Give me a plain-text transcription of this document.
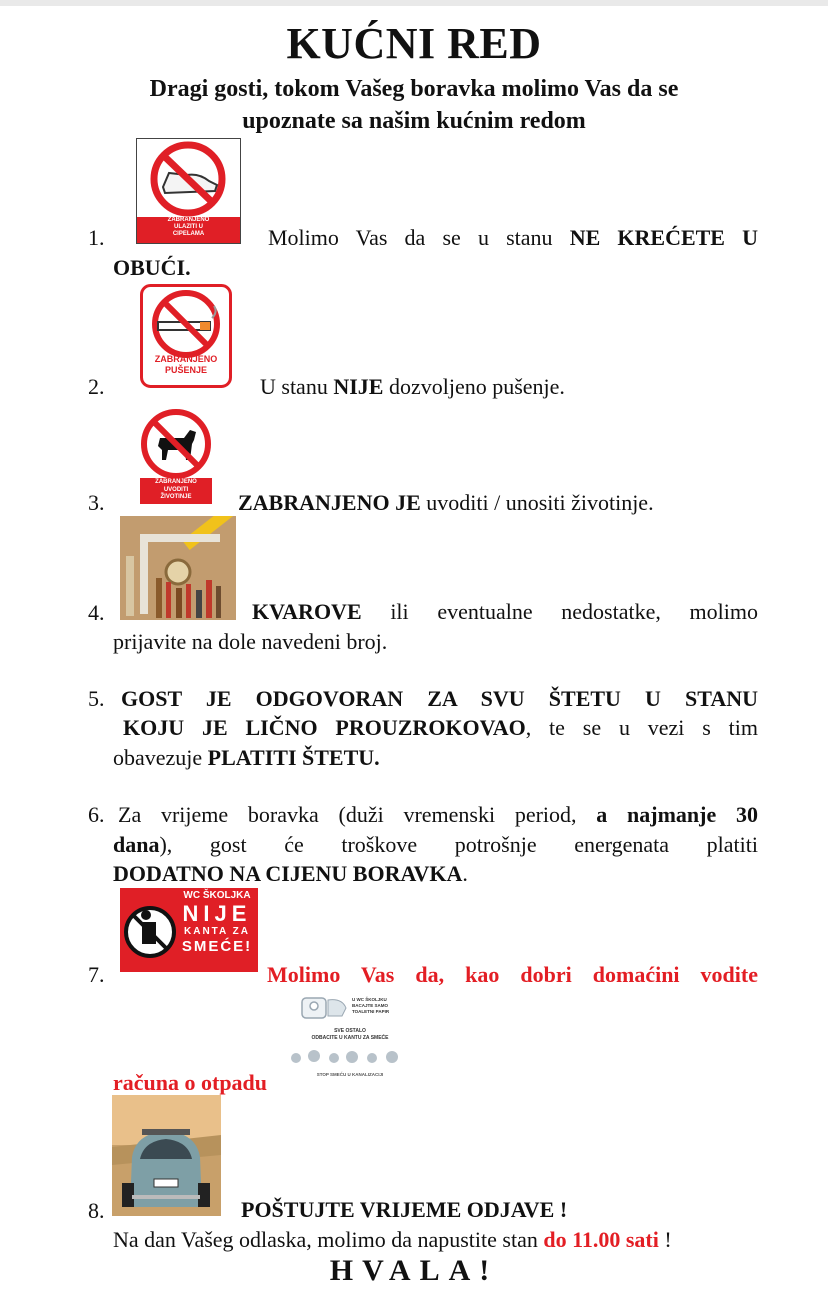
KUĆNI RED
Dragi gosti, tokom Vašeg boravka molimo Vas da se
upoznate sa našim kućnim redom
ZABRANJENO
ULAZITI U
CIPELAMA
1.	Molimo Vas da se u stanu NE KREĆETE U
OBUĆI.
ZABRANJENO
PUŠENJE
2.	U stanu NIJE dozvoljeno pušenje.
ZABRANJENO
UVODITI
ŽIVOTINJE
3.	ZABRANJENO JE uvoditi / unositi životinje.
4.	KVAROVE ili eventualne nedostatke, molimo
prijavite na dole navedeni broj.
5. GOST JE ODGOVORAN ZA SVU ŠTETU U STANU
KOJU JE LIČNO PROUZROKOVAO, te se u vezi s tim
obavezuje PLATITI ŠTETU.
6. Za vrijeme boravka (duži vremenski period, a najmanje 30
dana), gost će troškove potrošnje energenata platiti
DODATNO NA CIJENU BORAVKA.
WC ŠKOLJKA
NIJE
KANTA ZA
SMEĆE!
7.	Molimo Vas da, kao dobri domaćini vodite
U WC ŠKOLJKU
BACAJTE SAMO
TOALETNI PAPIR
SVE OSTALO
ODBACITE U KANTU ZA SMEĆE
STOP SMEĆU U KANALIZACIJI
računa o otpadu
8.	POŠTUJTE VRIJEME ODJAVE !
Na dan Vašeg odlaska, molimo da napustite stan do 11.00 sati !
HVALA!
